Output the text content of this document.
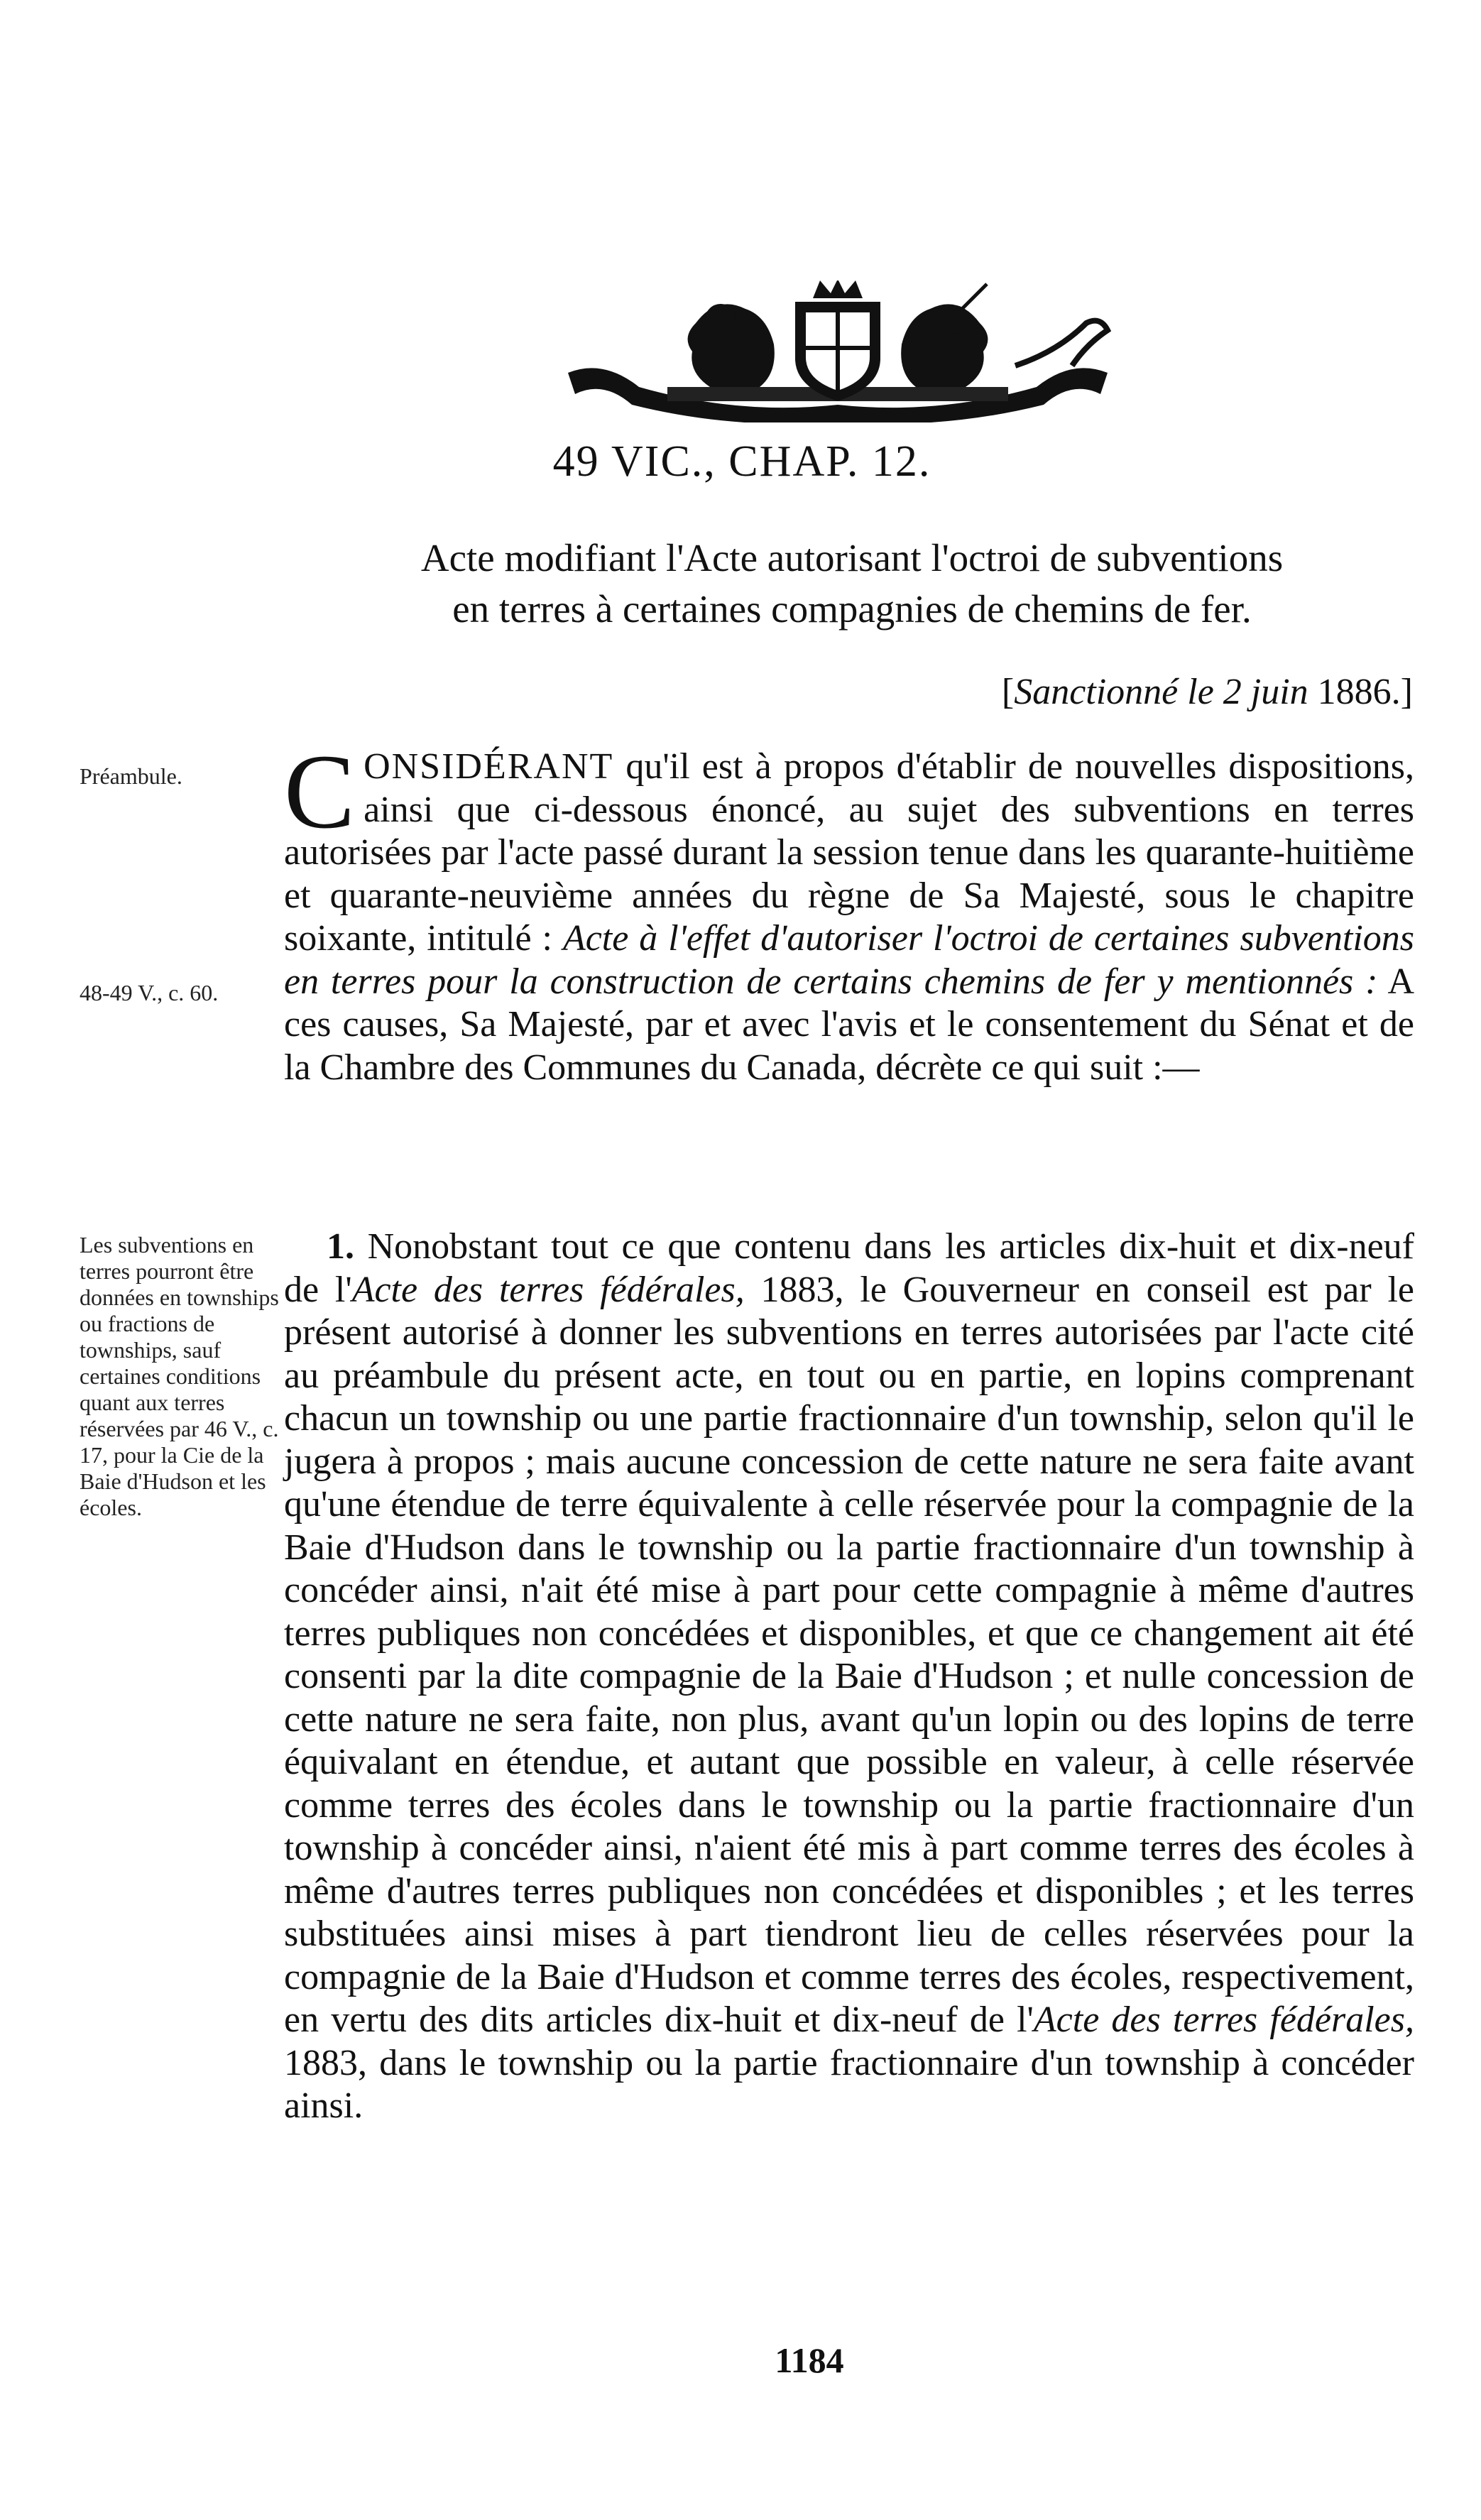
49 VIC., CHAP. 12.
Acte modifiant l'Acte autorisant l'octroi de subventions
en terres à certaines compagnies de chemins de fer.
[Sanctionné le 2 juin 1886.]
Préambule.
48-49 V., c. 60.
Les subventions en terres pourront être données en townships ou fractions de townships, sauf certaines conditions quant aux terres réservées par 46 V., c. 17, pour la Cie de la Baie d'Hudson et les écoles.
CONSIDÉRANT qu'il est à propos d'établir de nouvelles dispositions, ainsi que ci-dessous énoncé, au sujet des subventions en terres autorisées par l'acte passé durant la session tenue dans les quarante-huitième et quarante-neuvième années du règne de Sa Majesté, sous le chapitre soixante, intitulé : Acte à l'effet d'autoriser l'octroi de certaines subventions en terres pour la construction de certains chemins de fer y mentionnés : A ces causes, Sa Majesté, par et avec l'avis et le consentement du Sénat et de la Chambre des Communes du Canada, décrète ce qui suit :—
1. Nonobstant tout ce que contenu dans les articles dix-huit et dix-neuf de l'Acte des terres fédérales, 1883, le Gouverneur en conseil est par le présent autorisé à donner les subventions en terres autorisées par l'acte cité au préambule du présent acte, en tout ou en partie, en lopins comprenant chacun un township ou une partie fractionnaire d'un township, selon qu'il le jugera à propos ; mais aucune concession de cette nature ne sera faite avant qu'une étendue de terre équivalente à celle réservée pour la compagnie de la Baie d'Hudson dans le township ou la partie fractionnaire d'un township à concéder ainsi, n'ait été mise à part pour cette compagnie à même d'autres terres publiques non concédées et disponibles, et que ce changement ait été consenti par la dite compagnie de la Baie d'Hudson ; et nulle concession de cette nature ne sera faite, non plus, avant qu'un lopin ou des lopins de terre équivalant en étendue, et autant que possible en valeur, à celle réservée comme terres des écoles dans le township ou la partie fractionnaire d'un township à concéder ainsi, n'aient été mis à part comme terres des écoles à même d'autres terres publiques non concédées et disponibles ; et les terres substituées ainsi mises à part tiendront lieu de celles réservées pour la compagnie de la Baie d'Hudson et comme terres des écoles, respectivement, en vertu des dits articles dix-huit et dix-neuf de l'Acte des terres fédérales, 1883, dans le township ou la partie fractionnaire d'un township à concéder ainsi.
1184
